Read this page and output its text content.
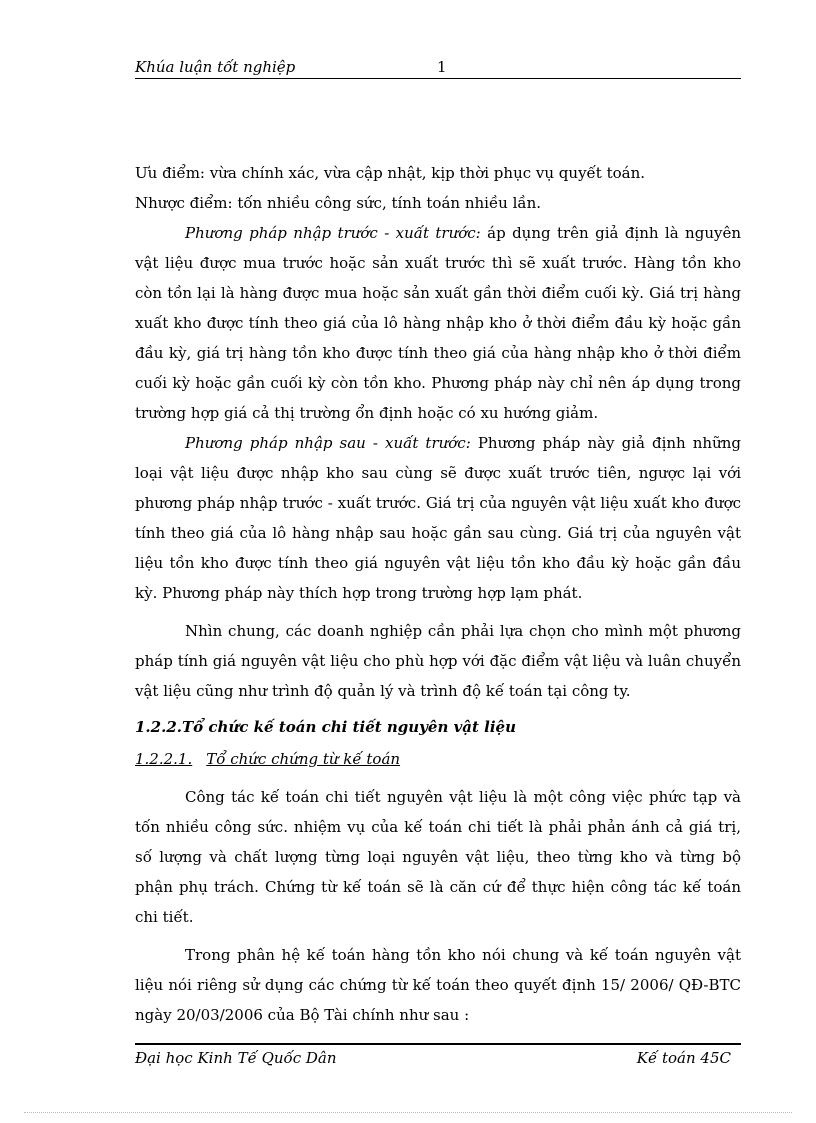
Khúa luận tốt nghiệp	1

Ưu điểm: vừa chính xác, vừa cập nhật, kịp thời phục vụ quyết toán.

Nhược điểm: tốn nhiều công sức, tính toán nhiều lần.

Phương pháp nhập trước - xuất trước: áp dụng trên giả định là nguyên vật liệu được mua trước hoặc sản xuất trước thì sẽ xuất trước. Hàng tồn kho còn tồn lại là hàng được mua hoặc sản xuất gần thời điểm cuối kỳ. Giá trị hàng xuất kho được tính theo giá của lô hàng nhập kho ở thời điểm đầu kỳ hoặc gần đầu kỳ, giá trị hàng tồn kho được tính theo giá của hàng nhập kho ở thời điểm cuối kỳ hoặc gần cuối kỳ còn tồn kho. Phương pháp này chỉ nên áp dụng trong trường hợp giá cả thị trường ổn định hoặc có xu hướng giảm.

Phương pháp nhập sau - xuất trước: Phương pháp này giả định những loại vật liệu được nhập kho sau cùng sẽ được xuất trước tiên, ngược lại với phương pháp nhập trước - xuất trước. Giá trị của nguyên vật liệu xuất kho được tính theo giá của lô hàng nhập sau hoặc gần sau cùng. Giá trị của nguyên vật liệu tồn kho được tính theo giá nguyên vật liệu tồn kho đầu kỳ hoặc gần đầu kỳ. Phương pháp này thích hợp trong trường hợp lạm phát.

Nhìn chung, các doanh nghiệp cần phải lựa chọn cho mình một phương pháp tính giá nguyên vật liệu cho phù hợp với đặc điểm vật liệu và luân chuyển vật liệu cũng như trình độ quản lý và trình độ kế toán tại công ty.

1.2.2.Tổ chức kế toán chi tiết nguyên vật liệu

1.2.2.1. Tổ chức chứng từ kế toán

Công tác kế toán chi tiết nguyên vật liệu là một công việc phức tạp và tốn nhiều công sức. nhiệm vụ của kế toán chi tiết là phải phản ánh cả giá trị, số lượng và chất lượng từng loại nguyên vật liệu, theo từng kho và từng bộ phận phụ trách. Chứng từ kế toán sẽ là căn cứ để thực hiện công tác kế toán chi tiết.

Trong phân hệ kế toán hàng tồn kho nói chung và kế toán nguyên vật liệu nói riêng sử dụng các chứng từ kế toán theo quyết định 15/ 2006/ QĐ-BTC ngày 20/03/2006 của Bộ Tài chính như sau :

Đại học Kinh Tế Quốc Dân	Kế toán 45C
